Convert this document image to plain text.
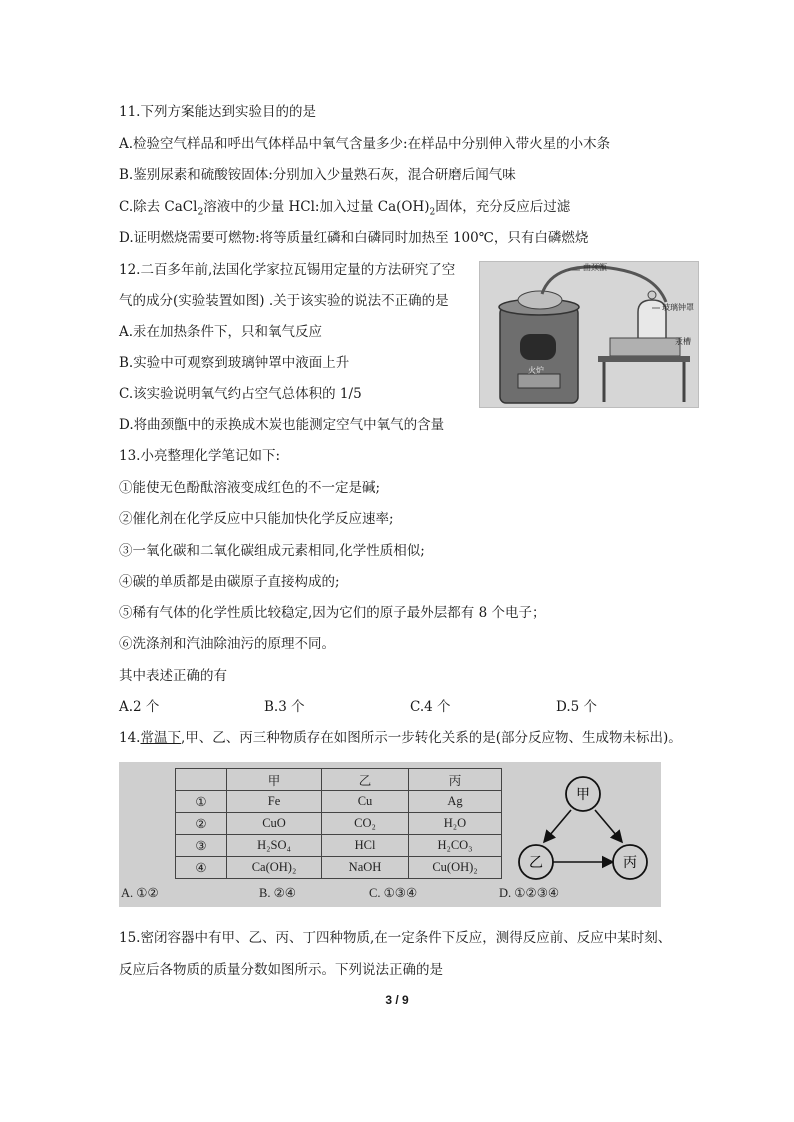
11.下列方案能达到实验目的的是
A.检验空气样品和呼出气体样品中氧气含量多少:在样品中分别伸入带火星的小木条
B.鉴别尿素和硫酸铵固体:分别加入少量熟石灰，混合研磨后闻气味
C.除去 CaCl$_2$溶液中的少量 HCl:加入过量 $Ca(OH)_2$固体，充分反应后过滤
D.证明燃烧需要可燃物:将等质量红磷和白磷同时加热至 100℃，只有白磷燃烧
12.二百多年前,法国化学家拉瓦锡用定量的方法研究了空
气的成分(实验装置如图) .关于该实验的说法不正确的是
A.汞在加热条件下，只和氧气反应
B.实验中可观察到玻璃钟罩中液面上升
C.该实验说明氧气约占空气总体积的 1/5
D.将曲颈甑中的汞换成木炭也能测定空气中氧气的含量
曲颈甑
玻璃钟罩
汞槽
火炉
13.小亮整理化学笔记如下:
①能使无色酚酞溶液变成红色的不一定是碱;
②催化剂在化学反应中只能加快化学反应速率;
③一氧化碳和二氧化碳组成元素相同,化学性质相似;
④碳的单质都是由碳原子直接构成的;
⑤稀有气体的化学性质比较稳定,因为它们的原子最外层都有 8 个电子；
⑥洗涤剂和汽油除油污的原理不同。
其中表述正确的有
A.2 个	B.3 个	C.4 个	D.5 个
14.常温下,甲、乙、丙三种物质存在如图所示一步转化关系的是(部分反应物、生成物未标出)。
	甲	乙	丙
①	Fe	Cu	Ag
②	CuO	CO₂	H₂O
③	H₂SO₄	HCl	H₂CO₃
④	Ca(OH)₂	NaOH	Cu(OH)₂
甲
乙	丙
A. ①②	B. ②④	C. ①③④	D. ①②③④
15.密闭容器中有甲、乙、丙、丁四种物质,在一定条件下反应，测得反应前、反应中某时刻、
反应后各物质的质量分数如图所示。下列说法正确的是
3 / 9
